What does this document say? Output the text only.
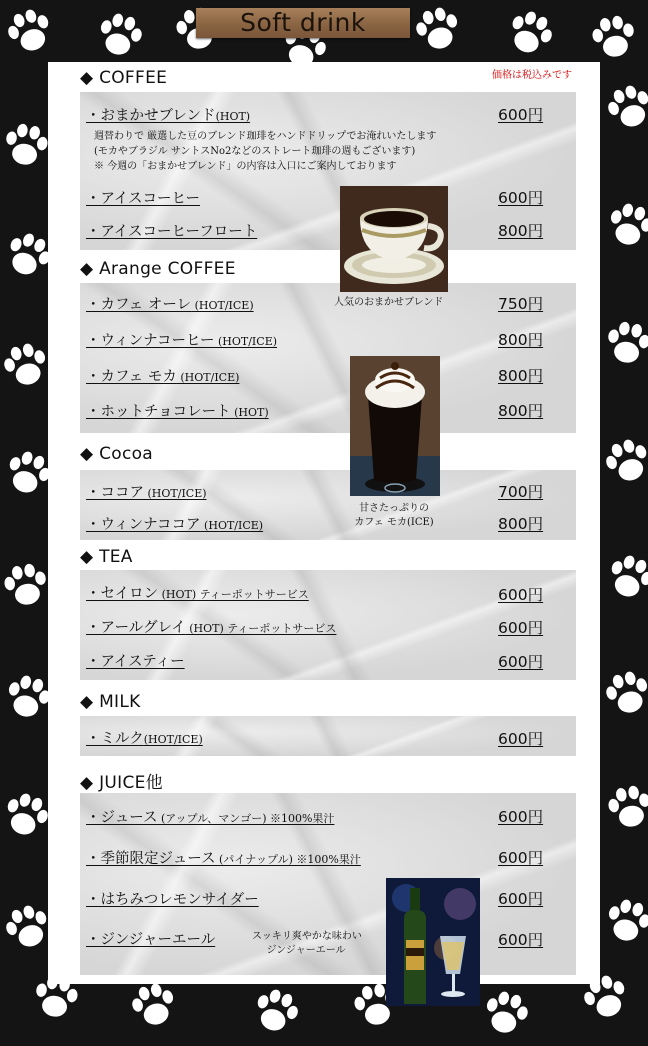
Soft drink
価格は税込みです
◆ COFFEE
・おまかせブレンド(HOT)	600円
週替わりで 厳選した豆のブレンド珈琲をハンドドリップでお淹れいたします
(モカやブラジル サントスNo2などのストレート珈琲の週もございます)
※ 今週の「おまかせブレンド」の内容は入口にご案内しております
・アイスコーヒー	600円
・アイスコーヒーフロート	800円
◆ Arange COFFEE
・カフェ オーレ (HOT/ICE)	750円
・ウィンナコーヒー (HOT/ICE)	800円
・カフェ モカ (HOT/ICE)	800円
・ホットチョコレート (HOT)	800円
◆ Cocoa
・ココア (HOT/ICE)	700円
・ウィンナココア (HOT/ICE)	800円
◆ TEA
・セイロン (HOT) ティーポットサービス	600円
・アールグレイ (HOT) ティーポットサービス	600円
・アイスティー	600円
◆ MILK
・ミルク(HOT/ICE)	600円
◆ JUICE他
・ジュース (アップル、マンゴー) ※100%果汁	600円
・季節限定ジュース (パイナップル) ※100%果汁	600円
・はちみつレモンサイダー	600円
・ジンジャーエール	600円
人気のおまかせブレンド
甘さたっぷりの
カフェ モカ(ICE)
スッキリ爽やかな味わい
ジンジャーエール
